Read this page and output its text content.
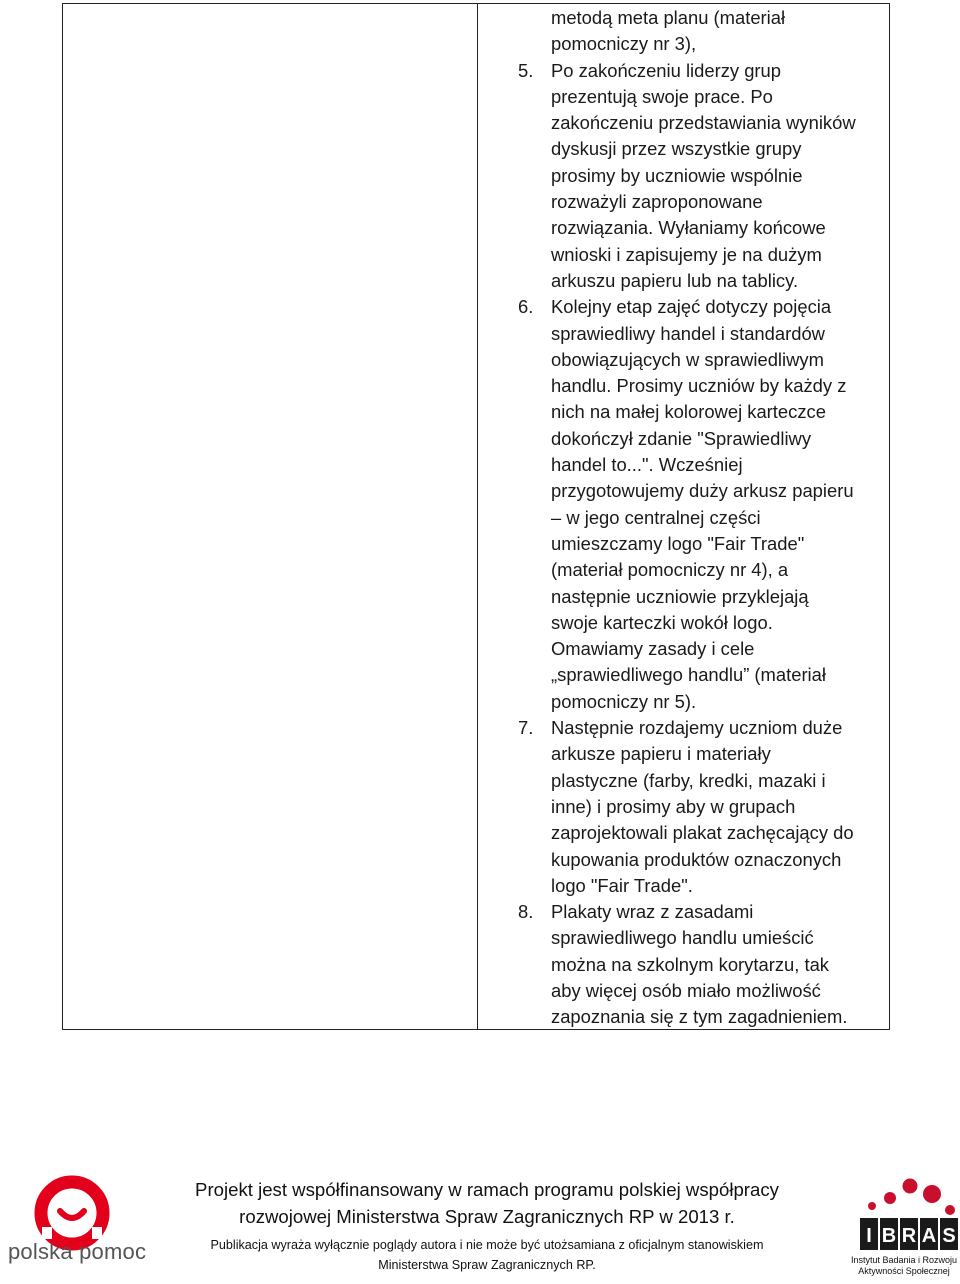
metodą meta planu (materiał
pomocniczy nr 3),
5. Po zakończeniu liderzy grup
prezentują swoje prace. Po
zakończeniu przedstawiania wyników
dyskusji przez wszystkie grupy
prosimy by uczniowie wspólnie
rozważyli zaproponowane
rozwiązania. Wyłaniamy końcowe
wnioski i zapisujemy je na dużym
arkuszu papieru lub na tablicy.
6. Kolejny etap zajęć dotyczy pojęcia
sprawiedliwy handel i standardów
obowiązujących w sprawiedliwym
handlu. Prosimy uczniów by każdy z
nich na małej kolorowej karteczce
dokończył zdanie "Sprawiedliwy
handel to...". Wcześniej
przygotowujemy duży arkusz papieru
– w jego centralnej części
umieszczamy logo "Fair Trade"
(materiał pomocniczy nr 4), a
następnie uczniowie przyklejają
swoje karteczki wokół logo.
Omawiamy zasady i cele
„sprawiedliwego handlu” (materiał
pomocniczy nr 5).
7. Następnie rozdajemy uczniom duże
arkusze papieru i materiały
plastyczne (farby, kredki, mazaki i
inne) i prosimy aby w grupach
zaprojektowali plakat zachęcający do
kupowania produktów oznaczonych
logo "Fair Trade".
8. Plakaty wraz z zasadami
sprawiedliwego handlu umieścić
można na szkolnym korytarzu, tak
aby więcej osób miało możliwość
zapoznania się z tym zagadnieniem.
polska pomoc
Projekt jest współfinansowany w ramach programu polskiej współpracy
rozwojowej Ministerstwa Spraw Zagranicznych RP w 2013 r.
Publikacja wyraża wyłącznie poglądy autora i nie może być utożsamiana z oficjalnym stanowiskiem
Ministerstwa Spraw Zagranicznych RP.
I B R A S
Instytut Badania i Rozwoju
Aktywności Społecznej
